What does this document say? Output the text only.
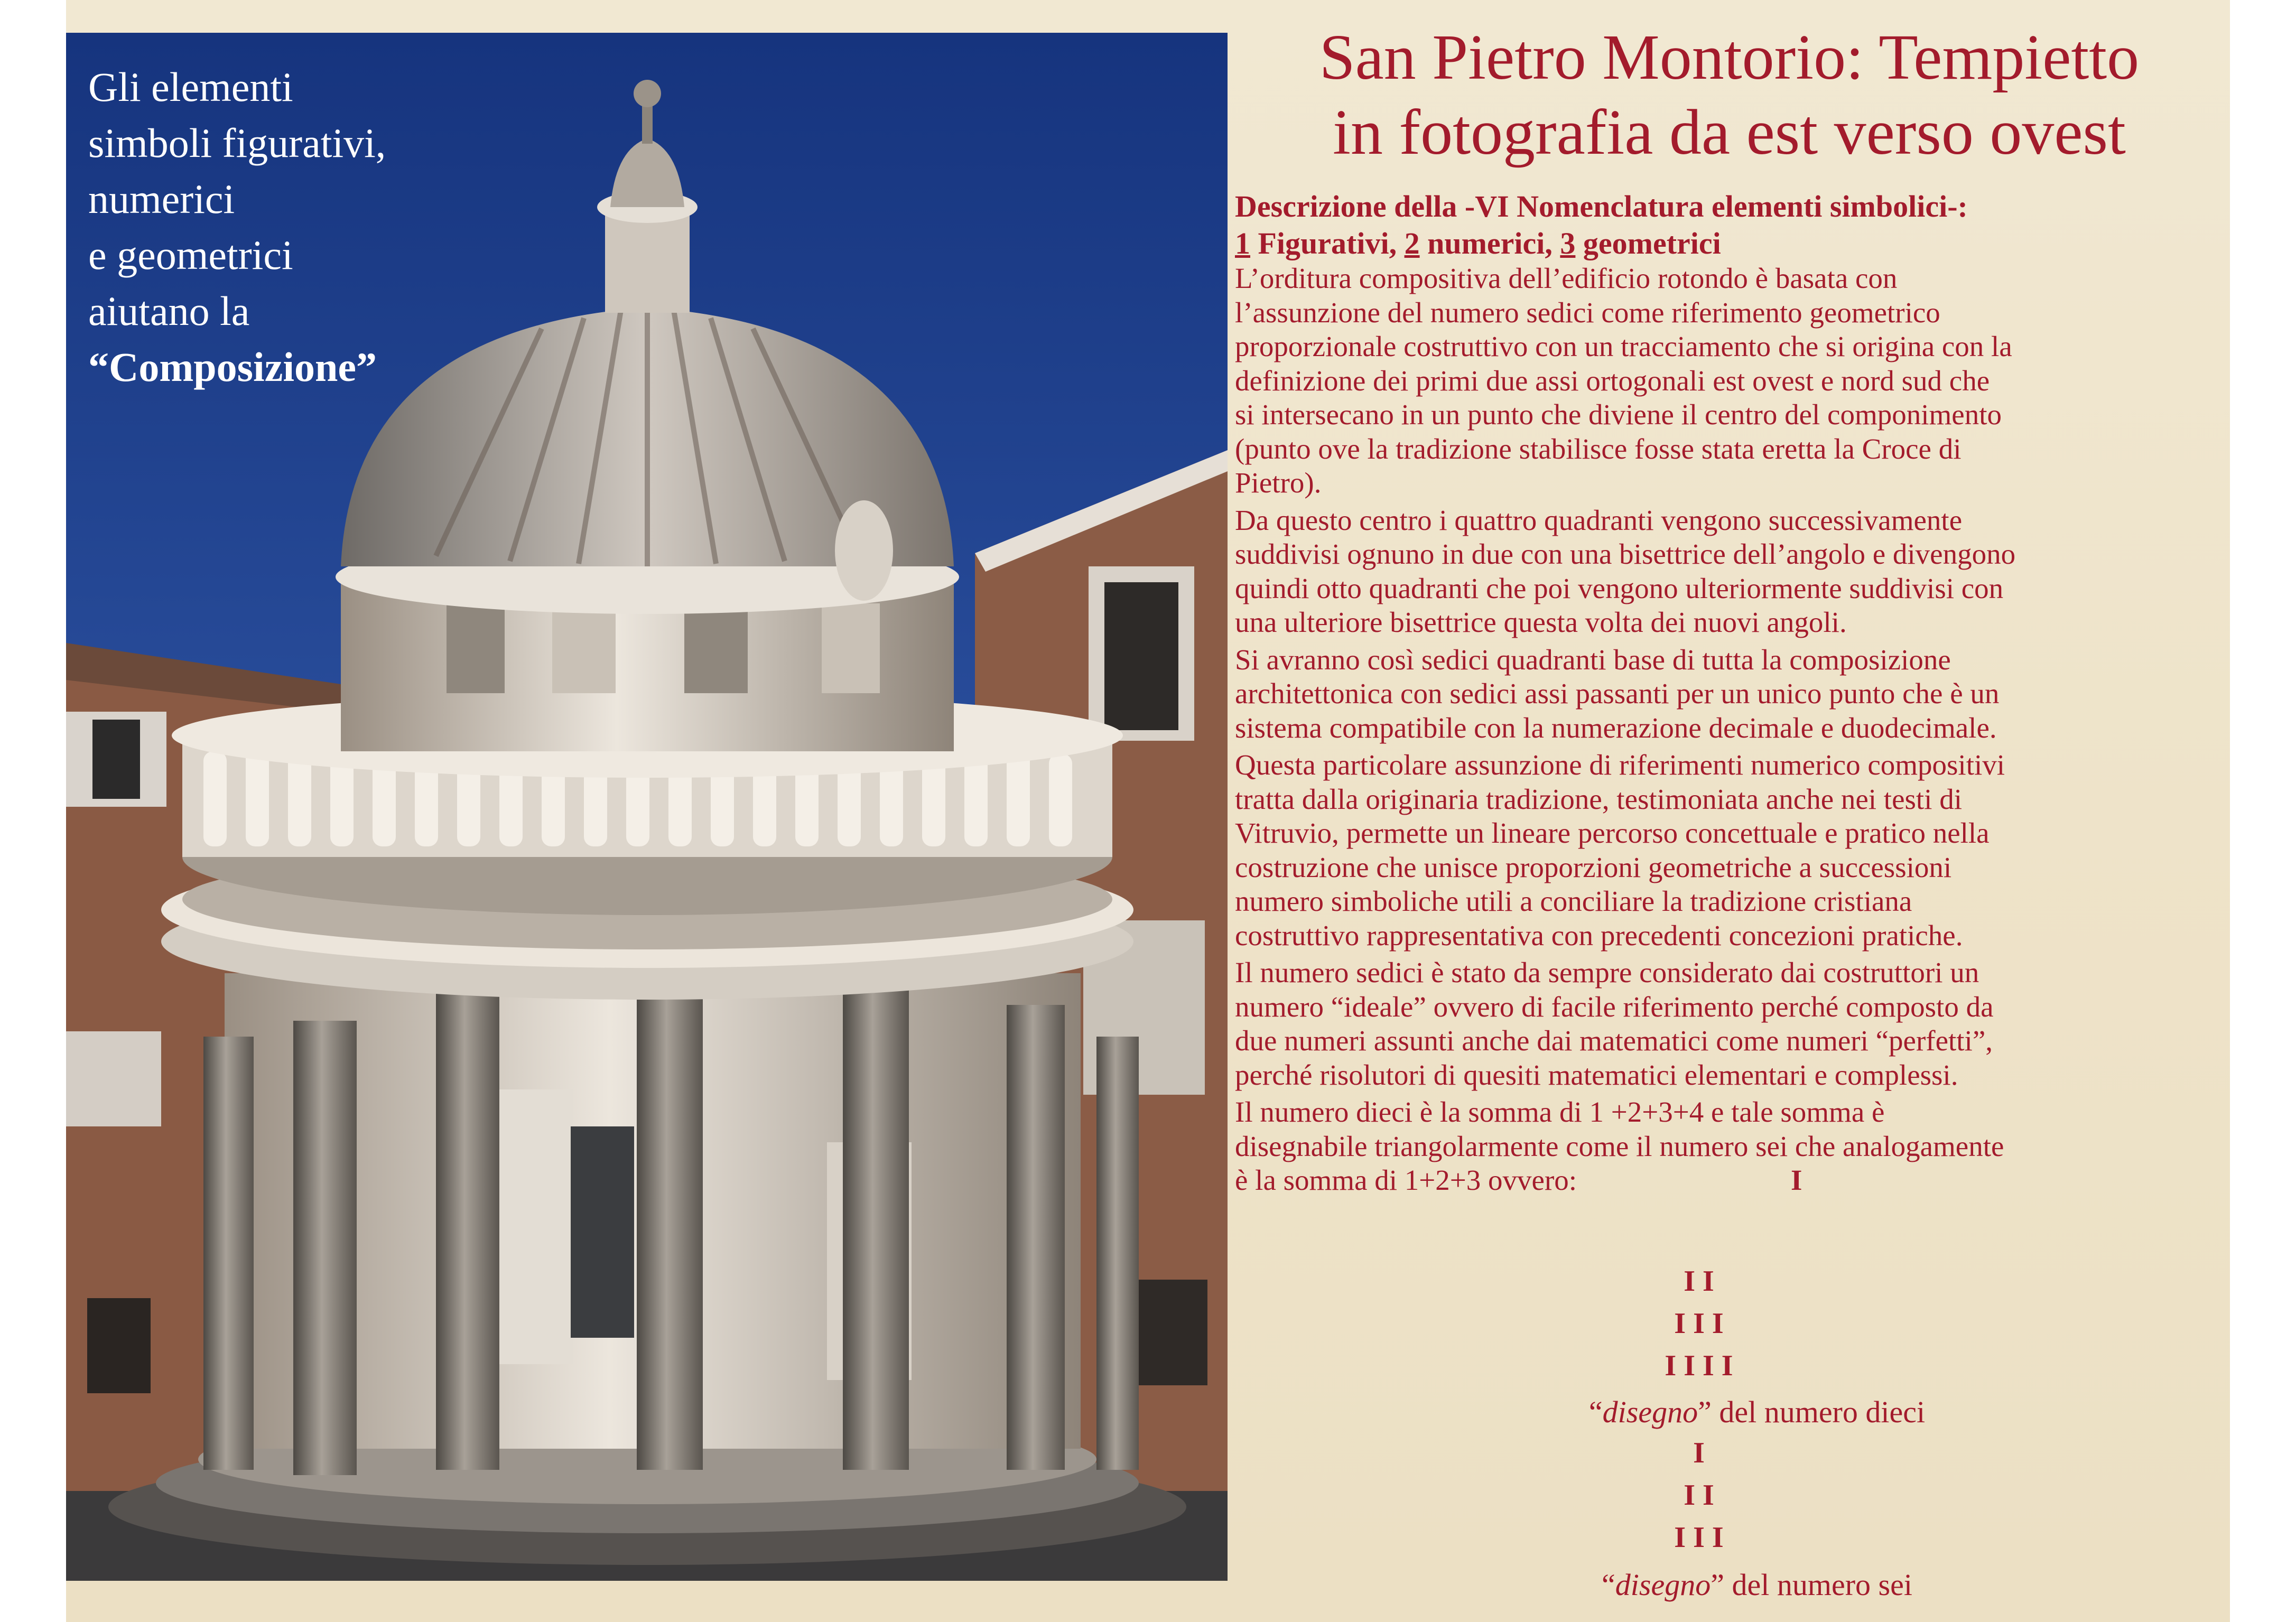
Gli elementi
simboli figurativi,
numerici
e geometrici
aiutano la
“Composizione”
San Pietro Montorio: Tempietto
in fotografia da est verso ovest
Descrizione della -VI Nomenclatura elementi simbolici-:
1 Figurativi, 2 numerici, 3 geometrici
L’orditura compositiva dell’edificio rotondo è basata con
l’assunzione del numero sedici come riferimento geometrico
proporzionale costruttivo con un tracciamento che si origina con la
definizione dei primi due assi ortogonali est ovest e nord sud che
si intersecano in un punto che diviene il centro del componimento
(punto ove la tradizione stabilisce fosse stata eretta la Croce di
Pietro).
Da questo centro i quattro quadranti vengono successivamente
suddivisi ognuno in due con una bisettrice dell’angolo e divengono
quindi otto quadranti che poi vengono ulteriormente suddivisi con
una ulteriore bisettrice questa volta dei nuovi angoli.
Si avranno così sedici quadranti base di tutta la composizione
architettonica con sedici assi passanti per un unico punto che è un
sistema compatibile con la numerazione decimale e duodecimale.
Questa particolare assunzione di riferimenti numerico compositivi
tratta dalla originaria tradizione, testimoniata anche nei testi di
Vitruvio, permette un lineare percorso concettuale e pratico nella
costruzione che unisce proporzioni geometriche a successioni
numero simboliche utili a conciliare la tradizione cristiana
costruttivo rappresentativa con precedenti concezioni pratiche.
Il numero sedici è stato da sempre considerato dai costruttori un
numero “ideale” ovvero di facile riferimento perché composto da
due numeri assunti anche dai matematici come numeri “perfetti”,
perché risolutori di quesiti matematici elementari e complessi.
Il numero dieci è la somma di 1 +2+3+4 e tale somma è
disegnabile triangolarmente come il numero sei che analogamente
è la somma di 1+2+3 ovvero:	I
I I
I I I
I I I I
“disegno” del numero dieci
I
I I
I I I
“disegno” del numero sei
